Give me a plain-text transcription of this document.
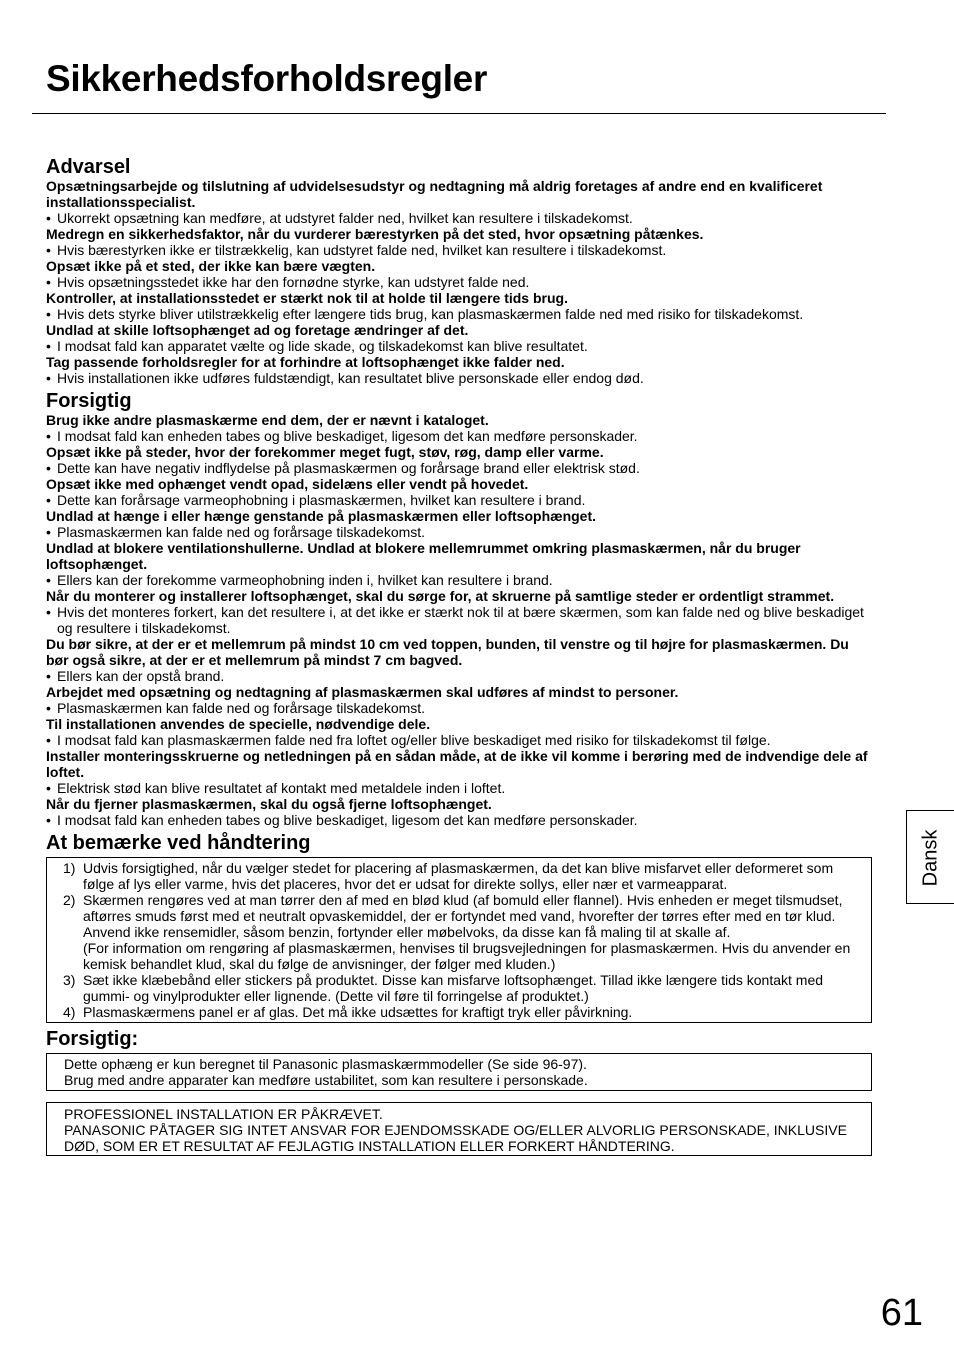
Sikkerhedsforholdsregler
Advarsel
Opsætningsarbejde og tilslutning af udvidelsesudstyr og nedtagning må aldrig foretages af andre end en kvalificeret installationsspecialist.
• Ukorrekt opsætning kan medføre, at udstyret falder ned, hvilket kan resultere i tilskadekomst.
Medregn en sikkerhedsfaktor, når du vurderer bærestyrken på det sted, hvor opsætning påtænkes.
• Hvis bærestyrken ikke er tilstrækkelig, kan udstyret falde ned, hvilket kan resultere i tilskadekomst.
Opsæt ikke på et sted, der ikke kan bære vægten.
• Hvis opsætningsstedet ikke har den fornødne styrke, kan udstyret falde ned.
Kontroller, at installationsstedet er stærkt nok til at holde til længere tids brug.
• Hvis dets styrke bliver utilstrækkelig efter længere tids brug, kan plasmaskærmen falde ned med risiko for tilskadekomst.
Undlad at skille loftsophænget ad og foretage ændringer af det.
• I modsat fald kan apparatet vælte og lide skade, og tilskadekomst kan blive resultatet.
Tag passende forholdsregler for at forhindre at loftsophænget ikke falder ned.
• Hvis installationen ikke udføres fuldstændigt, kan resultatet blive personskade eller endog død.
Forsigtig
Brug ikke andre plasmaskærme end dem, der er nævnt i kataloget.
• I modsat fald kan enheden tabes og blive beskadiget, ligesom det kan medføre personskader.
Opsæt ikke på steder, hvor der forekommer meget fugt, støv, røg, damp eller varme.
• Dette kan have negativ indflydelse på plasmaskærmen og forårsage brand eller elektrisk stød.
Opsæt ikke med ophænget vendt opad, sidelæns eller vendt på hovedet.
• Dette kan forårsage varmeophobning i plasmaskærmen, hvilket kan resultere i brand.
Undlad at hænge i eller hænge genstande på plasmaskærmen eller loftsophænget.
• Plasmaskærmen kan falde ned og forårsage tilskadekomst.
Undlad at blokere ventilationshullerne. Undlad at blokere mellemrummet omkring plasmaskærmen, når du bruger loftsophænget.
• Ellers kan der forekomme varmeophobning inden i, hvilket kan resultere i brand.
Når du monterer og installerer loftsophænget, skal du sørge for, at skruerne på samtlige steder er ordentligt strammet.
• Hvis det monteres forkert, kan det resultere i, at det ikke er stærkt nok til at bære skærmen, som kan falde ned og blive beskadiget og resultere i tilskadekomst.
Du bør sikre, at der er et mellemrum på mindst 10 cm ved toppen, bunden, til venstre og til højre for plasmaskærmen. Du bør også sikre, at der er et mellemrum på mindst 7 cm bagved.
• Ellers kan der opstå brand.
Arbejdet med opsætning og nedtagning af plasmaskærmen skal udføres af mindst to personer.
• Plasmaskærmen kan falde ned og forårsage tilskadekomst.
Til installationen anvendes de specielle, nødvendige dele.
• I modsat fald kan plasmaskærmen falde ned fra loftet og/eller blive beskadiget med risiko for tilskadekomst til følge.
Installer monteringsskruerne og netledningen på en sådan måde, at de ikke vil komme i berøring med de indvendige dele af loftet.
• Elektrisk stød kan blive resultatet af kontakt med metaldele inden i loftet.
Når du fjerner plasmaskærmen, skal du også fjerne loftsophænget.
• I modsat fald kan enheden tabes og blive beskadiget, ligesom det kan medføre personskader.
At bemærke ved håndtering
1) Udvis forsigtighed, når du vælger stedet for placering af plasmaskærmen, da det kan blive misfarvet eller deformeret som følge af lys eller varme, hvis det placeres, hvor det er udsat for direkte sollys, eller nær et varmeapparat.
2) Skærmen rengøres ved at man tørrer den af med en blød klud (af bomuld eller flannel). Hvis enheden er meget tilsmudset, aftørres smuds først med et neutralt opvaskemiddel, der er fortyndet med vand, hvorefter der tørres efter med en tør klud. Anvend ikke rensemidler, såsom benzin, fortynder eller møbelvoks, da disse kan få maling til at skalle af.
(For information om rengøring af plasmaskærmen, henvises til brugsvejledningen for plasmaskærmen. Hvis du anvender en kemisk behandlet klud, skal du følge de anvisninger, der følger med kluden.)
3) Sæt ikke klæbebånd eller stickers på produktet. Disse kan misfarve loftsophænget. Tillad ikke længere tids kontakt med gummi- og vinylprodukter eller lignende. (Dette vil føre til forringelse af produktet.)
4) Plasmaskærmens panel er af glas. Det må ikke udsættes for kraftigt tryk eller påvirkning.
Forsigtig:
Dette ophæng er kun beregnet til Panasonic plasmaskærmmodeller (Se side 96-97).
Brug med andre apparater kan medføre ustabilitet, som kan resultere i personskade.
PROFESSIONEL INSTALLATION ER PÅKRÆVET.
PANASONIC PÅTAGER SIG INTET ANSVAR FOR EJENDOMSSKADE OG/ELLER ALVORLIG PERSONSKADE, INKLUSIVE DØD, SOM ER ET RESULTAT AF FEJLAGTIG INSTALLATION ELLER FORKERT HÅNDTERING.
Dansk
61
